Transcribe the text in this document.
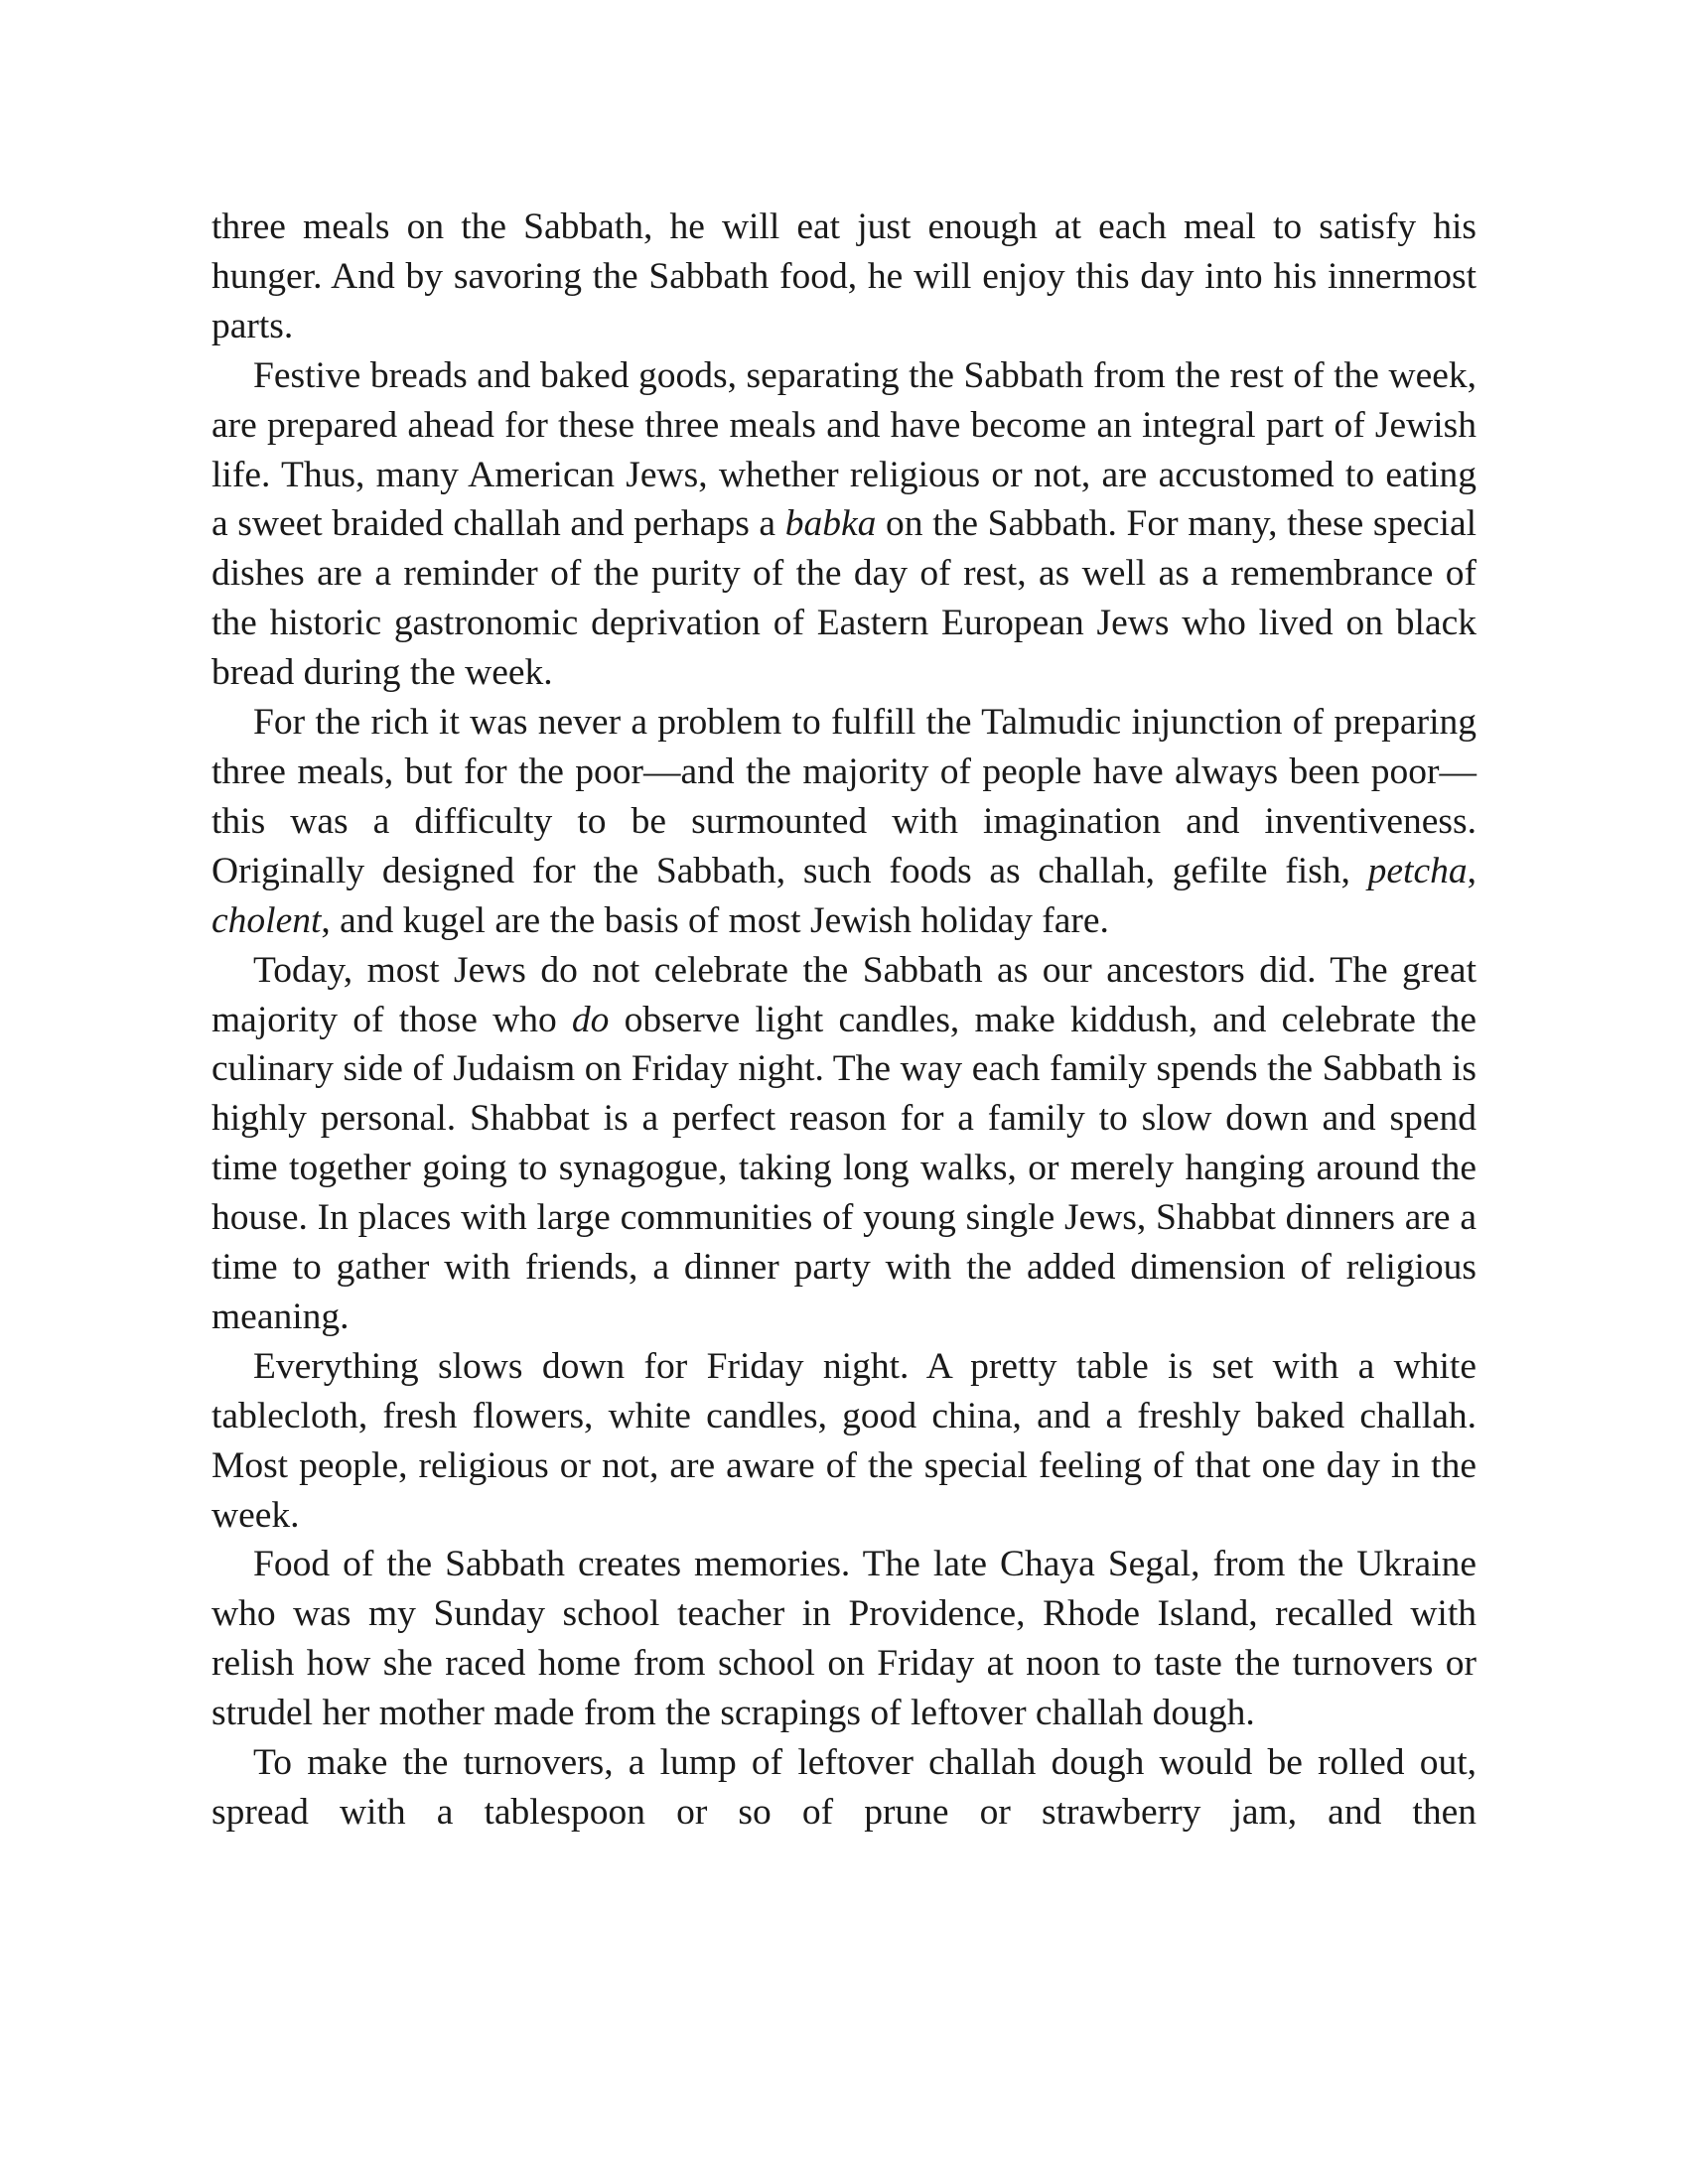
three meals on the Sabbath, he will eat just enough at each meal to satisfy his hunger. And by savoring the Sabbath food, he will enjoy this day into his innermost parts.

Festive breads and baked goods, separating the Sabbath from the rest of the week, are prepared ahead for these three meals and have become an integral part of Jewish life. Thus, many American Jews, whether religious or not, are accustomed to eating a sweet braided challah and perhaps a babka on the Sabbath. For many, these special dishes are a reminder of the purity of the day of rest, as well as a remembrance of the historic gastronomic deprivation of Eastern European Jews who lived on black bread during the week.

For the rich it was never a problem to fulfill the Talmudic injunction of preparing three meals, but for the poor—and the majority of people have always been poor—this was a difficulty to be surmounted with imagination and inventiveness. Originally designed for the Sabbath, such foods as challah, gefilte fish, petcha, cholent, and kugel are the basis of most Jewish holiday fare.

Today, most Jews do not celebrate the Sabbath as our ancestors did. The great majority of those who do observe light candles, make kiddush, and celebrate the culinary side of Judaism on Friday night. The way each family spends the Sabbath is highly personal. Shabbat is a perfect reason for a family to slow down and spend time together going to synagogue, taking long walks, or merely hanging around the house. In places with large communities of young single Jews, Shabbat dinners are a time to gather with friends, a dinner party with the added dimension of religious meaning.

Everything slows down for Friday night. A pretty table is set with a white tablecloth, fresh flowers, white candles, good china, and a freshly baked challah. Most people, religious or not, are aware of the special feeling of that one day in the week.

Food of the Sabbath creates memories. The late Chaya Segal, from the Ukraine who was my Sunday school teacher in Providence, Rhode Island, recalled with relish how she raced home from school on Friday at noon to taste the turnovers or strudel her mother made from the scrapings of leftover challah dough.

To make the turnovers, a lump of leftover challah dough would be rolled out, spread with a tablespoon or so of prune or strawberry jam, and then
